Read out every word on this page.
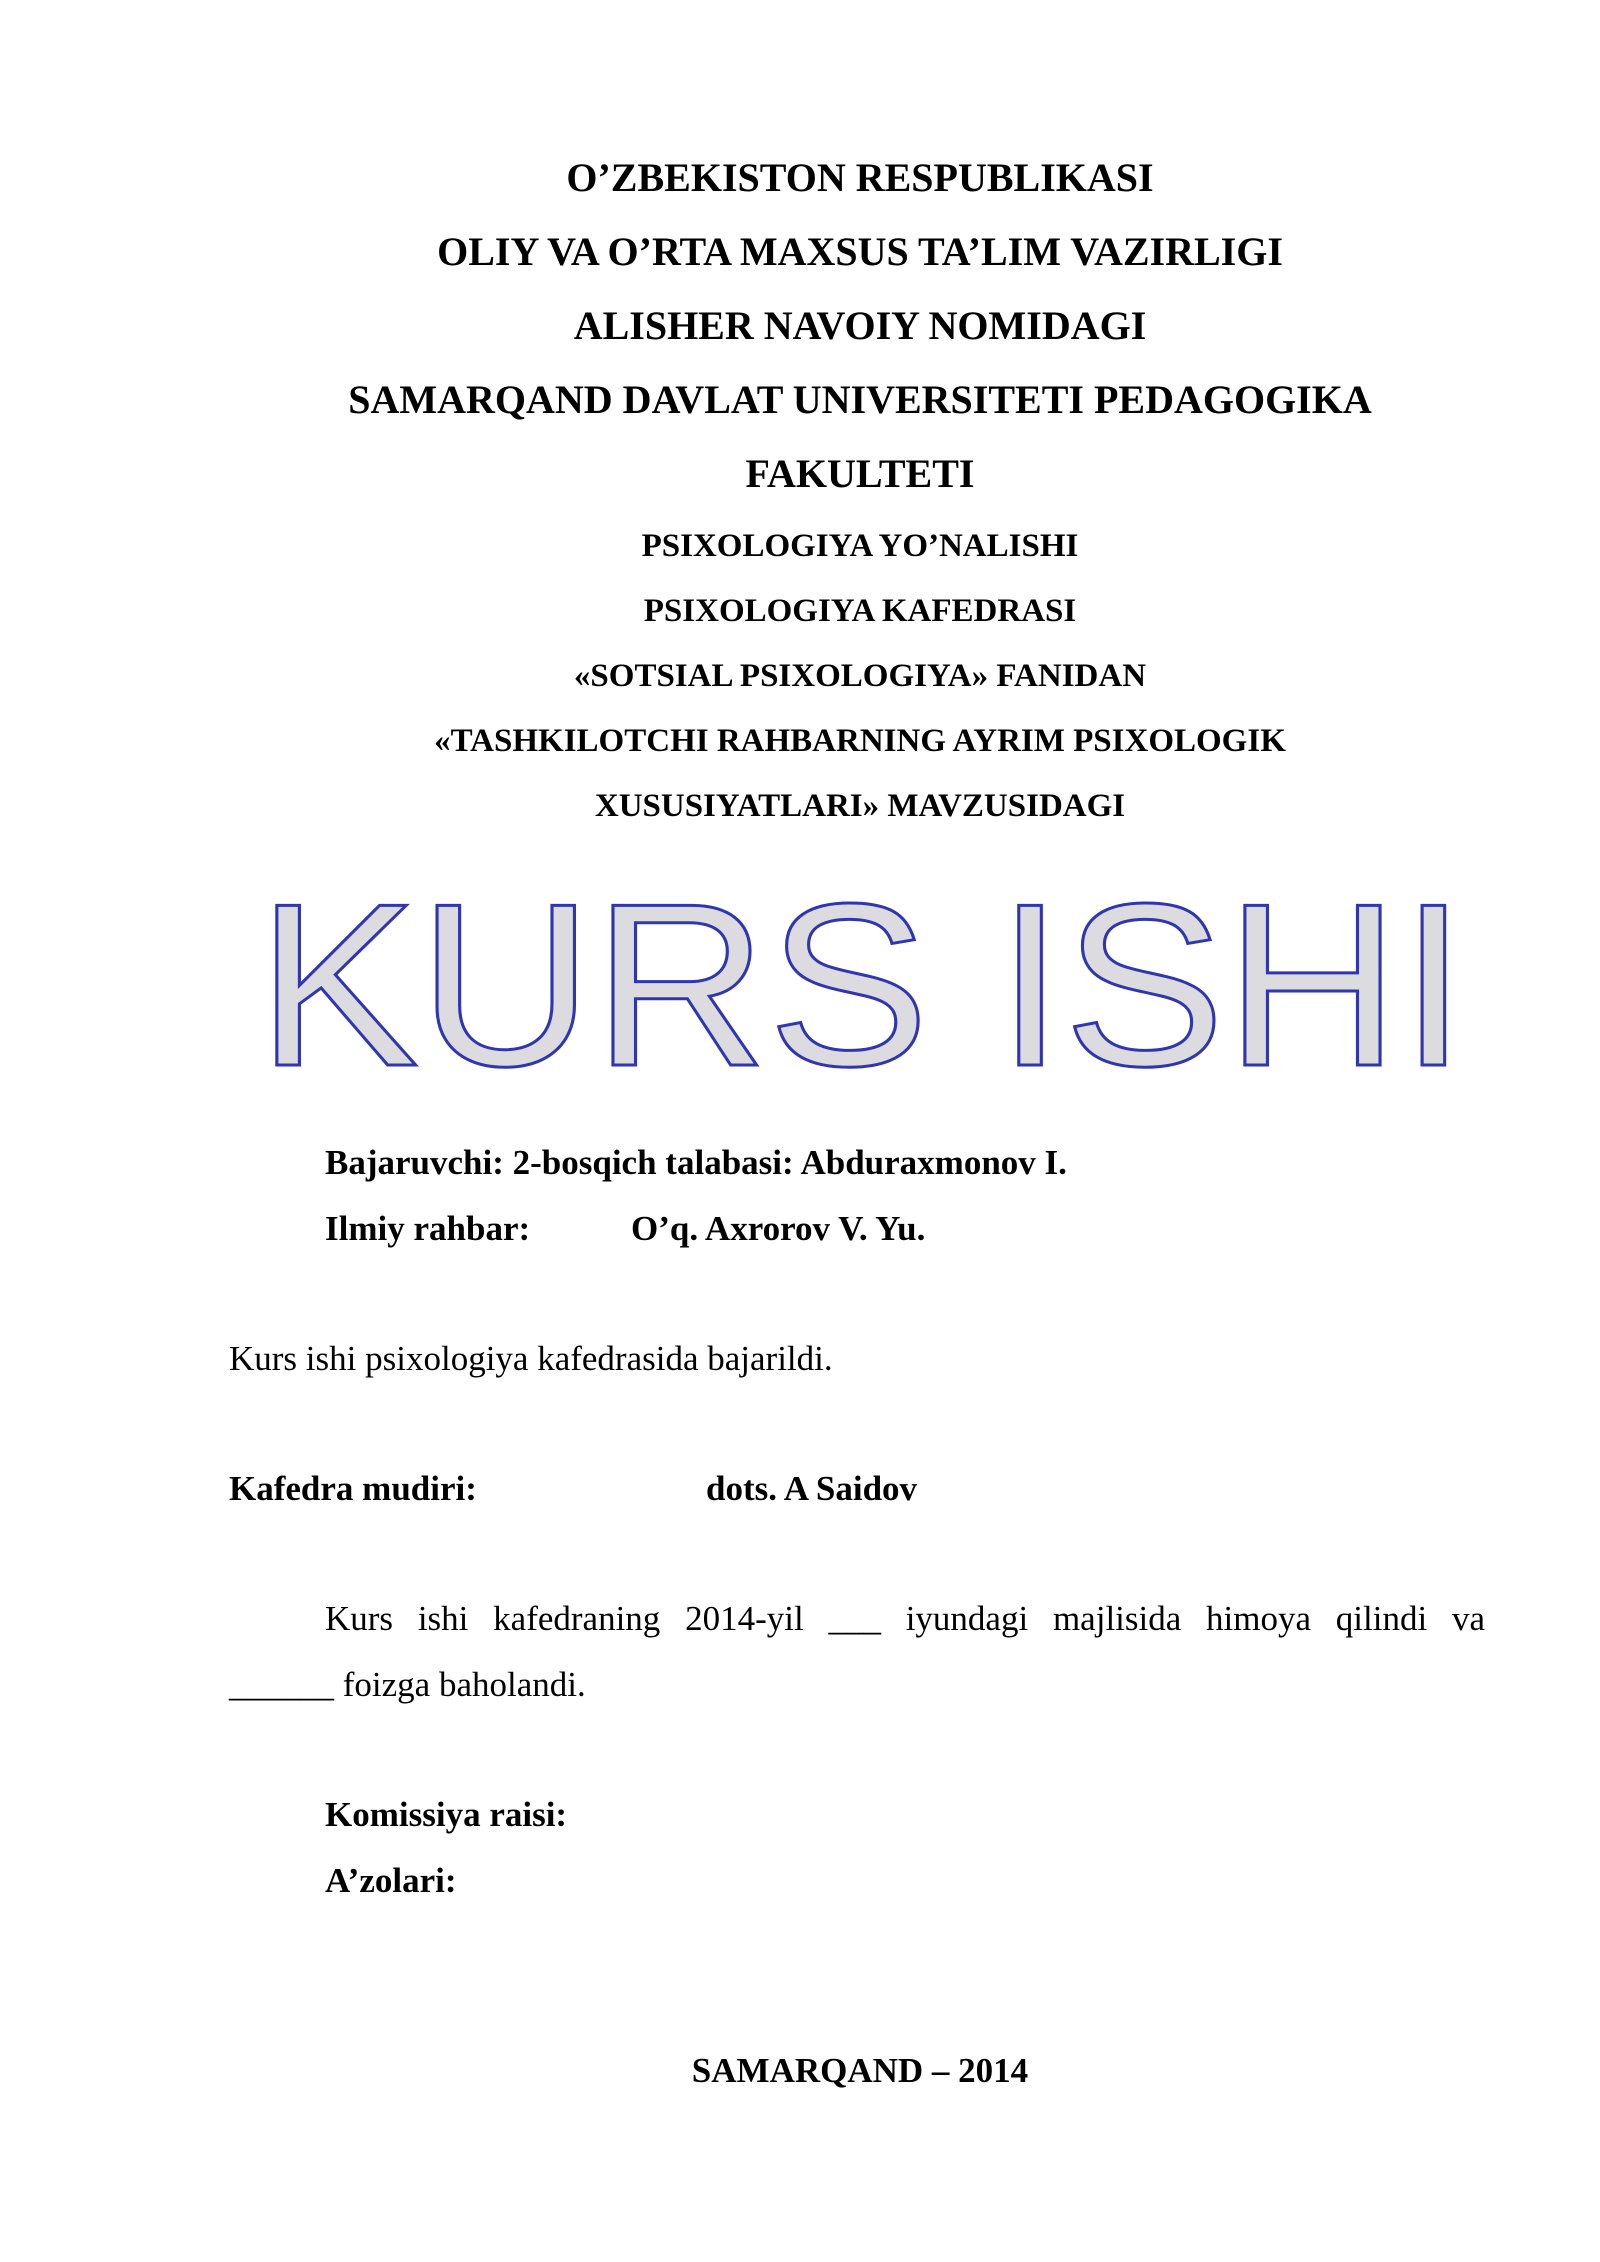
O’ZBEKISTON RESPUBLIKASI
OLIY VA O’RTA MAXSUS TA’LIM VAZIRLIGI
ALISHER NAVOIY NOMIDAGI
SAMARQAND DAVLAT UNIVERSITETI PEDAGOGIKA
FAKULTETI
PSIXOLOGIYA YO’NALISHI
PSIXOLOGIYA KAFEDRASI
«SOTSIAL PSIXOLOGIYA» FANIDAN
«TASHKILOTCHI RAHBARNING AYRIM PSIXOLOGIK
XUSUSIYATLARI» MAVZUSIDAGI
KURS ISHI
Bajaruvchi: 2-bosqich talabasi: Abduraxmonov I.
Ilmiy rahbar:	O’q. Axrorov V. Yu.
Kurs ishi psixologiya kafedrasida bajarildi.
Kafedra mudiri:	dots. A Saidov
Kurs ishi kafedraning 2014-yil ___ iyundagi majlisida himoya qilindi va
______ foizga baholandi.
Komissiya raisi:
A’zolari:
SAMARQAND – 2014
